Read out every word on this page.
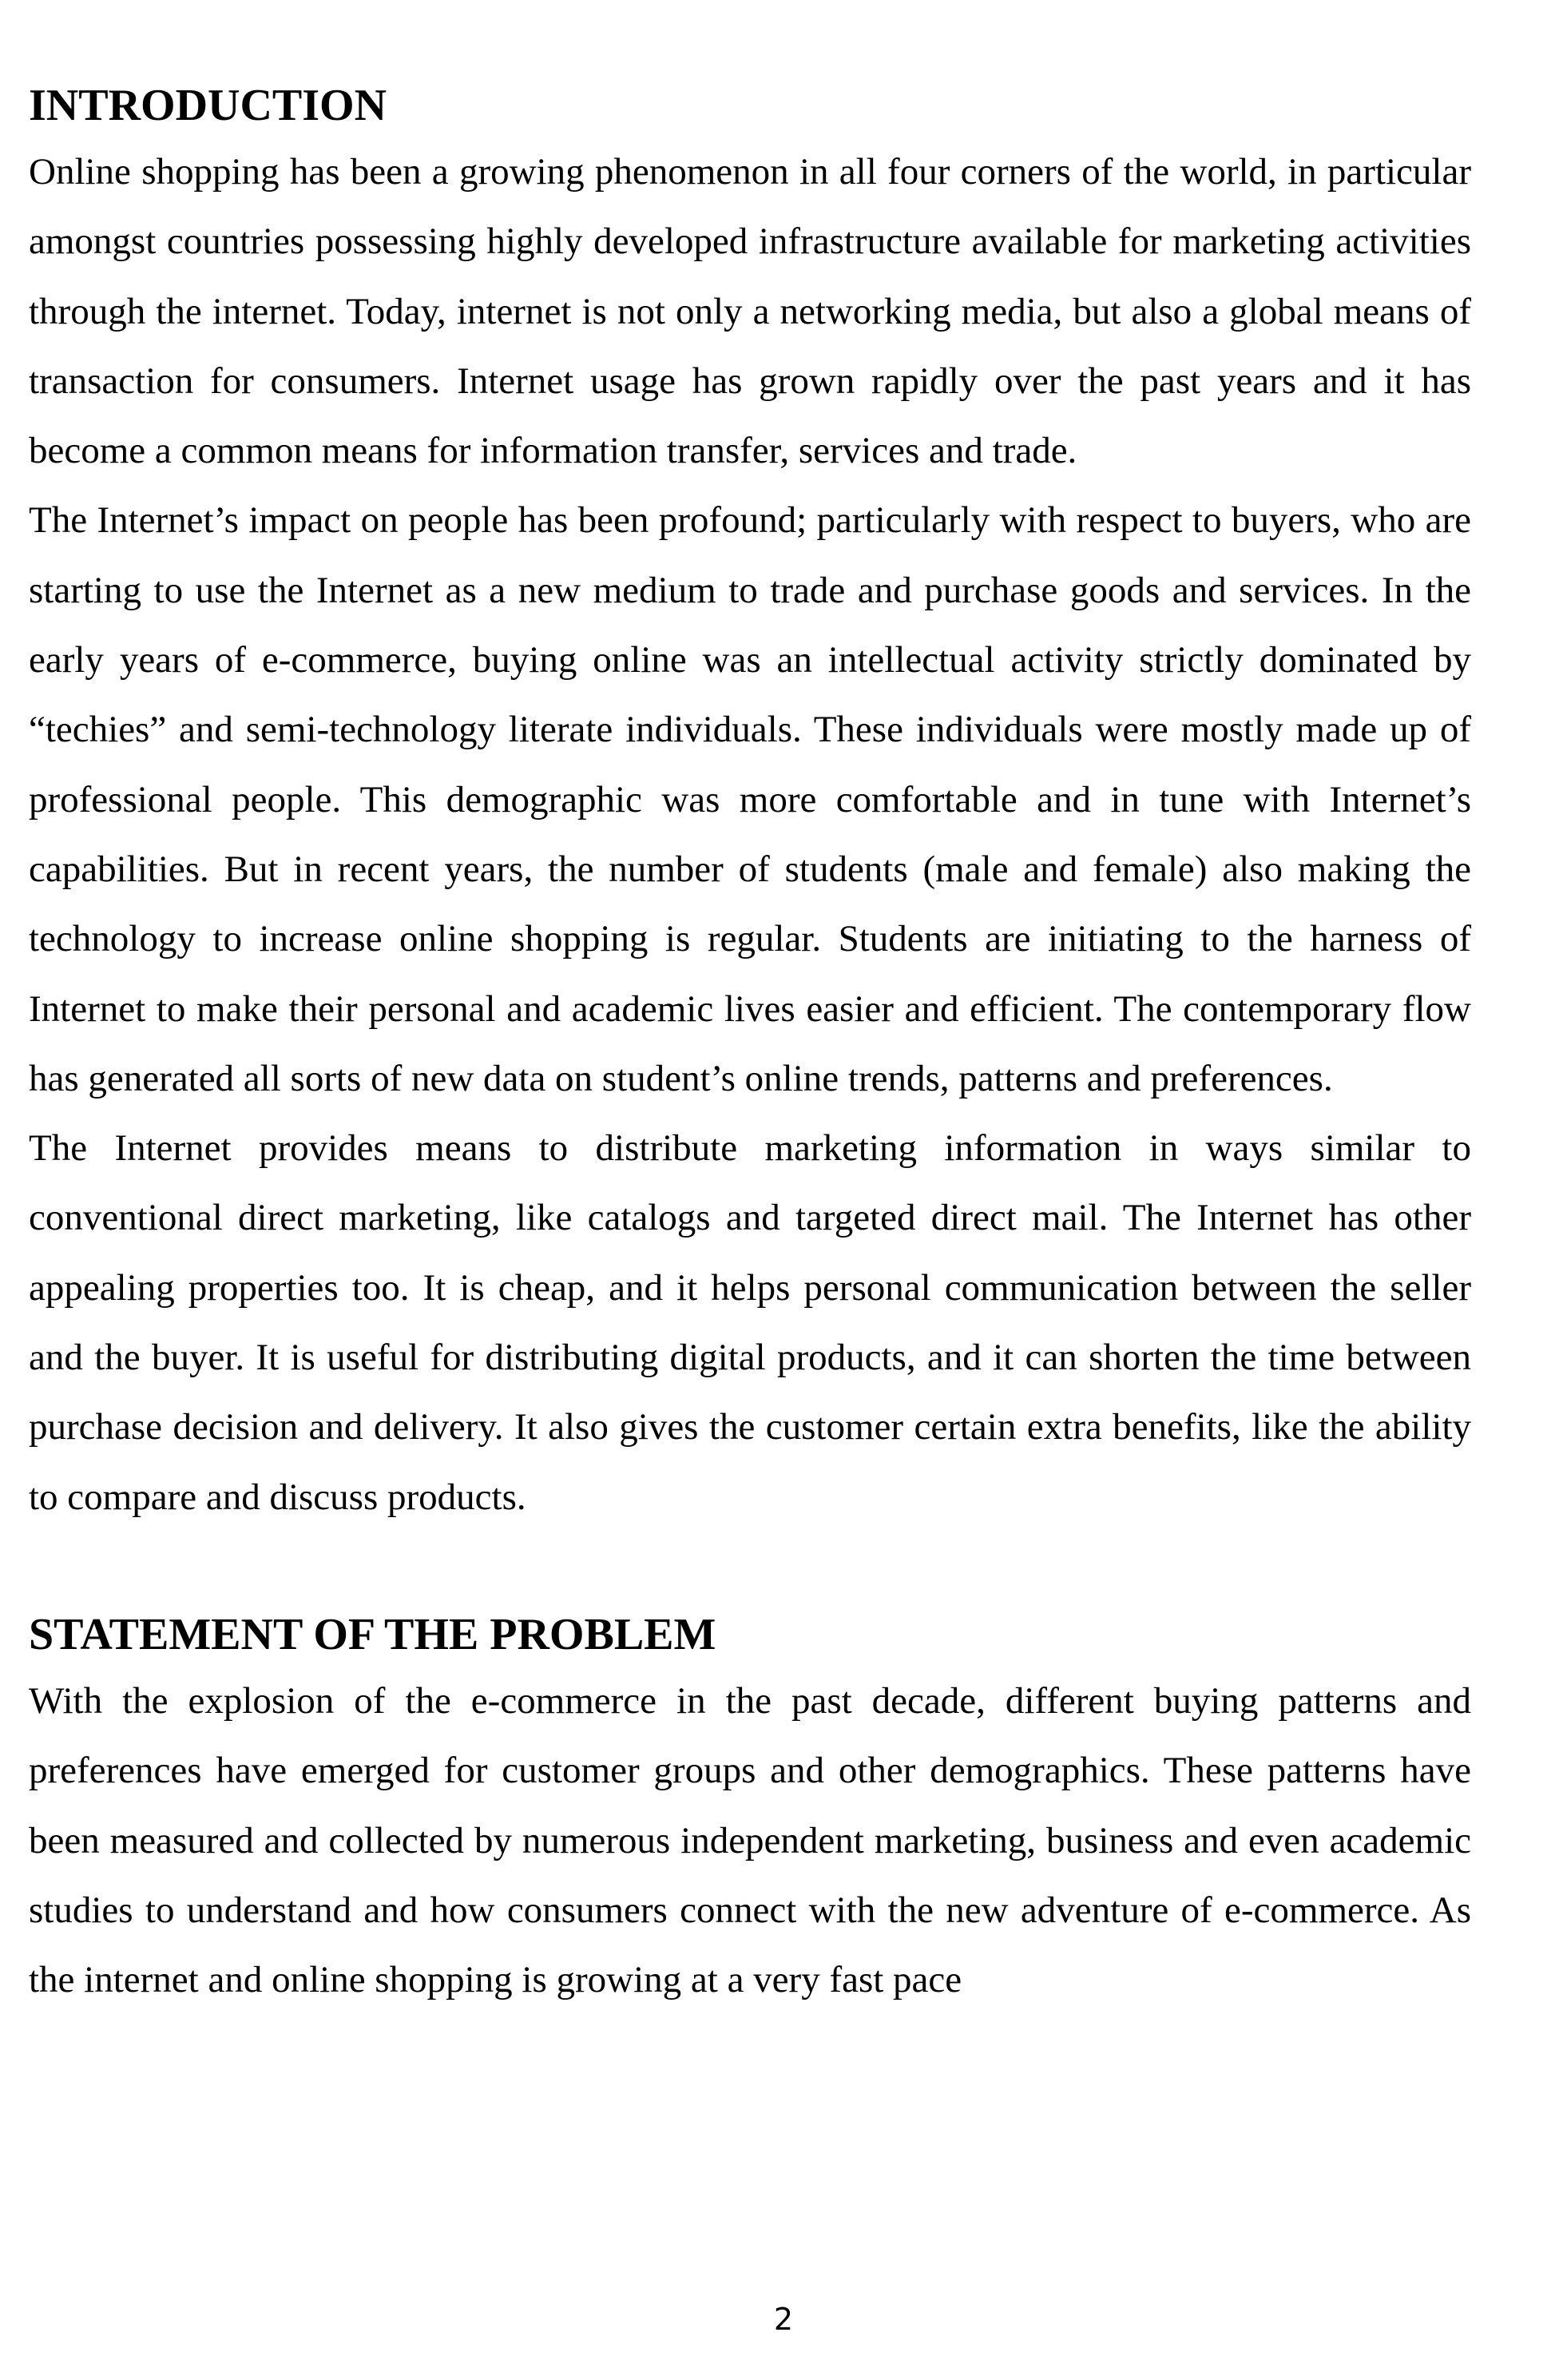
INTRODUCTION

Online shopping has been a growing phenomenon in all four corners of the world, in particular amongst countries possessing highly developed infrastructure available for marketing activities through the internet. Today, internet is not only a networking media, but also a global means of transaction for consumers. Internet usage has grown rapidly over the past years and it has become a common means for information transfer, services and trade.

The Internet’s impact on people has been profound; particularly with respect to buyers, who are starting to use the Internet as a new medium to trade and purchase goods and services. In the early years of e-commerce, buying online was an intellectual activity strictly dominated by “techies” and semi-technology literate individuals. These individuals were mostly made up of professional people. This demographic was more comfortable and in tune with Internet’s capabilities. But in recent years, the number of students (male and female) also making the technology to increase online shopping is regular. Students are initiating to the harness of Internet to make their personal and academic lives easier and efficient. The contemporary flow has generated all sorts of new data on student’s online trends, patterns and preferences.

The Internet provides means to distribute marketing information in ways similar to conventional direct marketing, like catalogs and targeted direct mail. The Internet has other appealing properties too. It is cheap, and it helps personal communication between the seller and the buyer. It is useful for distributing digital products, and it can shorten the time between purchase decision and delivery. It also gives the customer certain extra benefits, like the ability to compare and discuss products.

STATEMENT OF THE PROBLEM

With the explosion of the e-commerce in the past decade, different buying patterns and preferences have emerged for customer groups and other demographics. These patterns have been measured and collected by numerous independent marketing, business and even academic studies to understand and how consumers connect with the new adventure of e-commerce. As the internet and online shopping is growing at a very fast pace

2
